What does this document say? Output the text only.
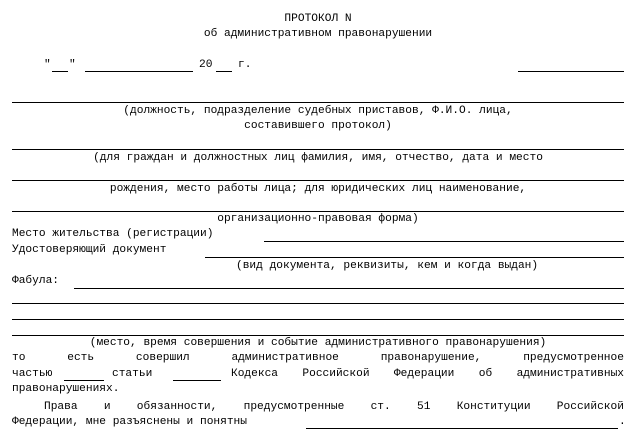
ПРОТОКОЛ N
об административном правонарушении
" "	20 г.
(должность, подразделение судебных приставов, Ф.И.О. лица,
составившего протокол)
(для граждан и должностных лиц фамилия, имя, отчество, дата и место
рождения, место работы лица; для юридических лиц наименование,
организационно-правовая форма)
Место жительства (регистрации)
Удостоверяющий документ
(вид документа, реквизиты, кем и когда выдан)
Фабула:
(место, время совершения и событие административного правонарушения)
то	есть	совершил	административное	правонарушение,	предусмотренное
частью	статьи	Кодекса Российской Федерации об административных
правонарушениях.
Права и обязанности, предусмотренные ст. 51 Конституции Российской
Федерации, мне разъяснены и понятны	.
